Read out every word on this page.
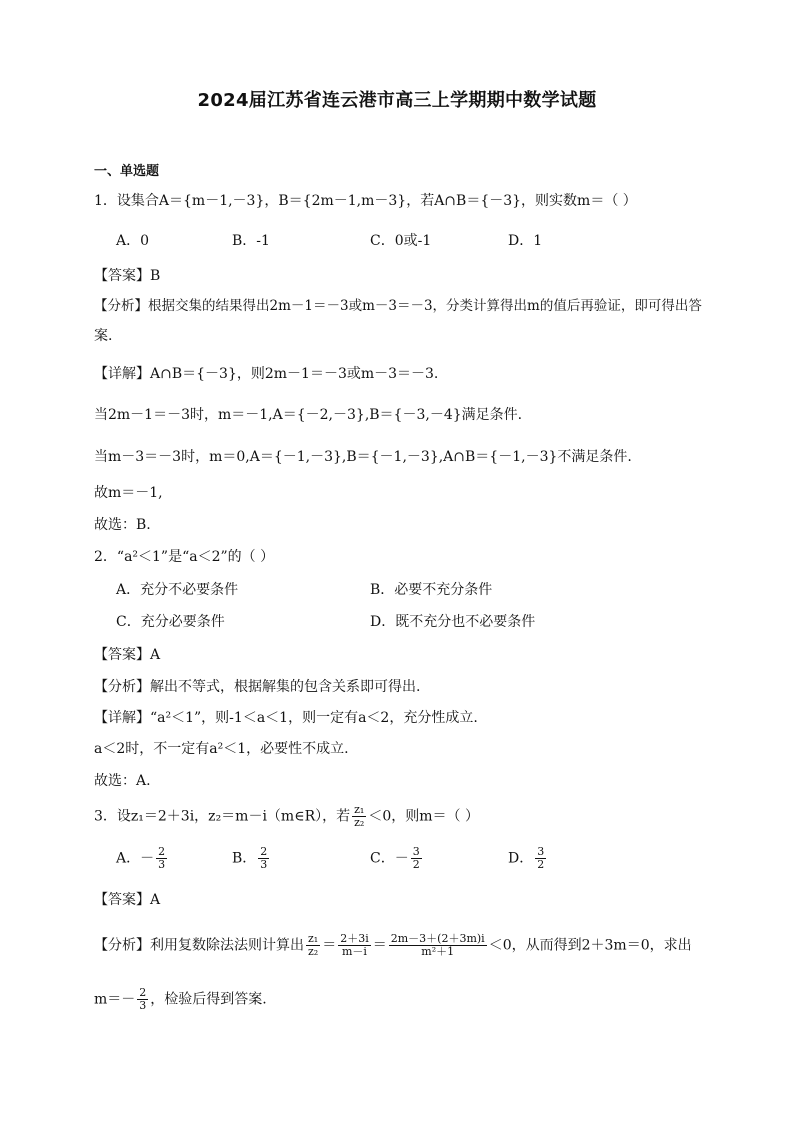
2024届江苏省连云港市高三上学期期中数学试题
一、单选题
1．设集合A＝{m－1,－3}，B＝{2m－1,m－3}，若A∩B＝{－3}，则实数m＝（ ）
A．0	B．-1	C．0或-1	D．1
【答案】B
【分析】根据交集的结果得出2m－1＝－3或m－3＝－3，分类计算得出m的值后再验证，即可得出答
案.
【详解】A∩B＝{－3}，则2m－1＝－3或m－3＝－3.
当2m－1＝－3时，m＝－1,A＝{－2,－3},B＝{－3,－4}满足条件.
当m－3＝－3时，m＝0,A＝{－1,－3},B＝{－1,－3},A∩B＝{－1,－3}不满足条件.
故m＝－1,
故选：B.
2．“a²＜1”是“a＜2”的（ ）
A．充分不必要条件	B．必要不充分条件
C．充分必要条件	D．既不充分也不必要条件
【答案】A
【分析】解出不等式，根据解集的包含关系即可得出.
【详解】“a²＜1”，则-1＜a＜1，则一定有a＜2，充分性成立.
a＜2时，不一定有a²＜1，必要性不成立.
故选：A.
3．设z₁＝2＋3i，z₂＝m－i（m∈R），若 $\frac{\text{z₁}}{\text{z₂}} <0$，则m＝（ ）
A．－ $\frac{2}{3}$	B． $\frac{2}{3}$	C．－ $\frac{3}{2}$	D． $\frac{3}{2}$
【答案】A
【分析】利用复数除法法则计算出 $\frac{\text{z₁}}{\text{z₂}} = \frac{2+3i}{m-i} = \frac{2m-3+(2+3m)i}{\text{m²＋1}} <0$，从而得到2＋3m＝0，求出
$m=- \frac{2}{3}$ ，检验后得到答案.
